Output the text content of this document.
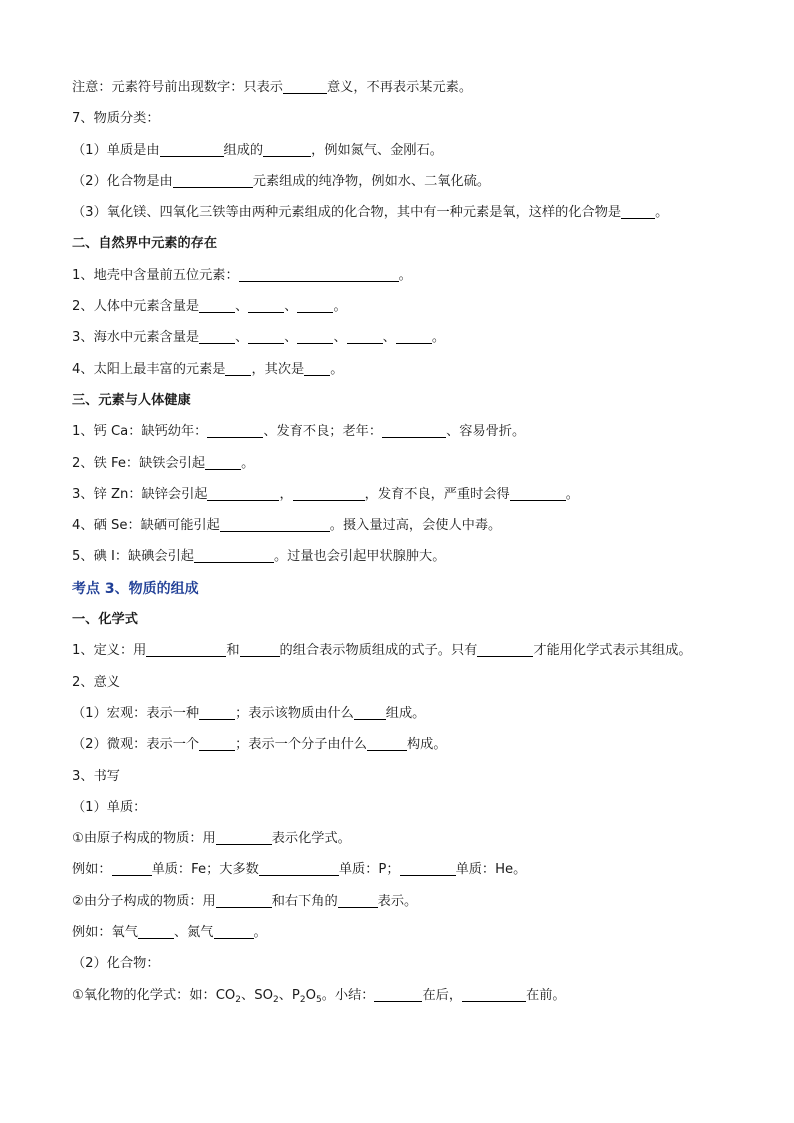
注意：元素符号前出现数字：只表示	意义，不再表示某元素。
7、物质分类：
（1）单质是由	组成的	，例如氮气、金刚石。
（2）化合物是由	元素组成的纯净物，例如水、二氧化硫。
（3）氧化镁、四氧化三铁等由两种元素组成的化合物，其中有一种元素是氧，这样的化合物是	。
二、自然界中元素的存在
1、地壳中含量前五位元素：	。
2、人体中元素含量是	、	、	。
3、海水中元素含量是	、	、	、	、	。
4、太阳上最丰富的元素是 ，其次是 。
三、元素与人体健康
1、钙 Ca：缺钙幼年：	、发育不良；老年：	、容易骨折。
2、铁 Fe：缺铁会引起	。
3、锌 Zn：缺锌会引起	，	，发育不良，严重时会得	。
4、硒 Se：缺硒可能引起	。摄入量过高，会使人中毒。
5、碘 I：缺碘会引起	。过量也会引起甲状腺肿大。
考点 3、物质的组成
一、化学式
1、定义：用	和	的组合表示物质组成的式子。只有	才能用化学式表示其组成。
2、意义
（1）宏观：表示一种	；表示该物质由什么 组成。
（2）微观：表示一个	；表示一个分子由什么	构成。
3、书写
（1）单质：
①由原子构成的物质：用	表示化学式。
例如：	单质：Fe；大多数	单质：P；	单质：He。
②由分子构成的物质：用	和右下角的	表示。
例如：氧气	、氮气	。
（2）化合物：
①氧化物的化学式：如：$CO_2$、$SO_2$、$P_2O_5$。小结：	在后，	在前。
